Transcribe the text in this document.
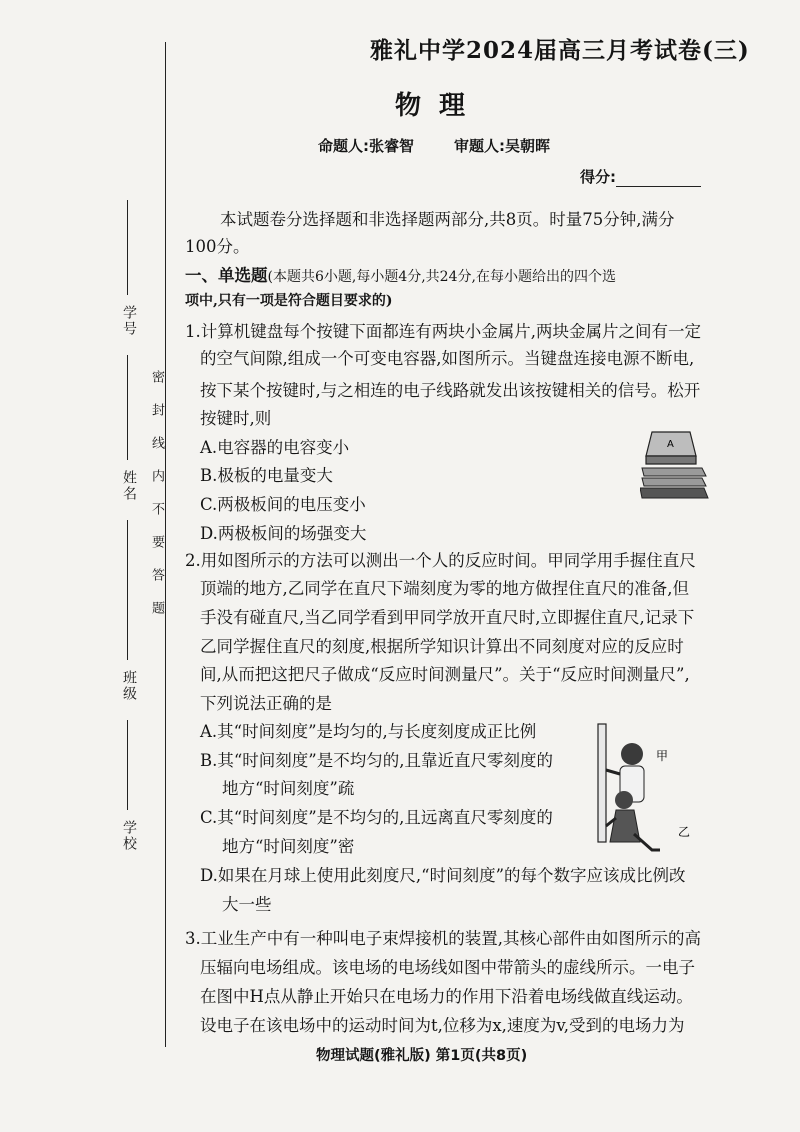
学号
姓名
班级
学校
密封线内不要答题
雅礼中学2024届高三月考试卷(三)
物理
命题人:张睿智	审题人:吴朝晖
得分:
本试题卷分选择题和非选择题两部分,共8页。时量75分钟,满分
100分。
一、单选题(本题共6小题,每小题4分,共24分,在每小题给出的四个选
项中,只有一项是符合题目要求的)
1.计算机键盘每个按键下面都连有两块小金属片,两块金属片之间有一定
的空气间隙,组成一个可变电容器,如图所示。当键盘连接电源不断电,
按下某个按键时,与之相连的电子线路就发出该按键相关的信号。松开
按键时,则
A.电容器的电容变小
B.极板的电量变大
C.两极板间的电压变小
D.两极板间的场强变大
A
2.用如图所示的方法可以测出一个人的反应时间。甲同学用手握住直尺
顶端的地方,乙同学在直尺下端刻度为零的地方做捏住直尺的准备,但
手没有碰直尺,当乙同学看到甲同学放开直尺时,立即握住直尺,记录下
乙同学握住直尺的刻度,根据所学知识计算出不同刻度对应的反应时
间,从而把这把尺子做成“反应时间测量尺”。关于“反应时间测量尺”,
下列说法正确的是
A.其“时间刻度”是均匀的,与长度刻度成正比例
B.其“时间刻度”是不均匀的,且靠近直尺零刻度的
地方“时间刻度”疏
C.其“时间刻度”是不均匀的,且远离直尺零刻度的
地方“时间刻度”密
D.如果在月球上使用此刻度尺,“时间刻度”的每个数字应该成比例改
大一些
甲
乙
3.工业生产中有一种叫电子束焊接机的装置,其核心部件由如图所示的高
压辐向电场组成。该电场的电场线如图中带箭头的虚线所示。一电子
在图中H点从静止开始只在电场力的作用下沿着电场线做直线运动。
设电子在该电场中的运动时间为t,位移为x,速度为v,受到的电场力为
物理试题(雅礼版) 第1页(共8页)
